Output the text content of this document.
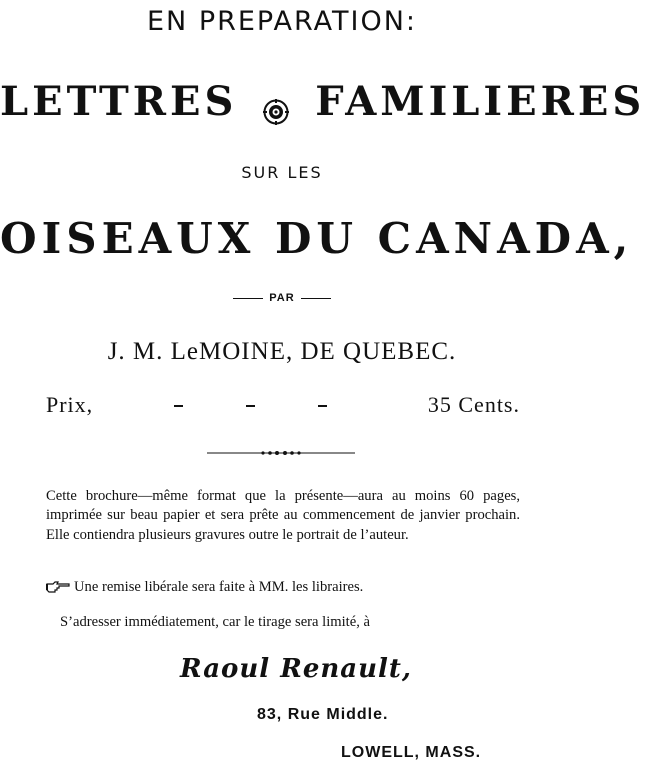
EN PREPARATION:
LETTRES FAMILIERES
SUR LES
OISEAUX DU CANADA,
PAR
J. M. LeMOINE, DE QUEBEC.
Prix,	35 Cents.
Cette brochure—même format que la présente—aura au moins 60 pages, imprimée sur beau papier et sera prête au commencement de janvier prochain. Elle contiendra plusieurs gravures outre le portrait de l’auteur.
Une remise libérale sera faite à MM. les libraires.
S’adresser immédiatement, car le tirage sera limité, à
Raoul Renault,
83, Rue Middle.
LOWELL, MASS.
